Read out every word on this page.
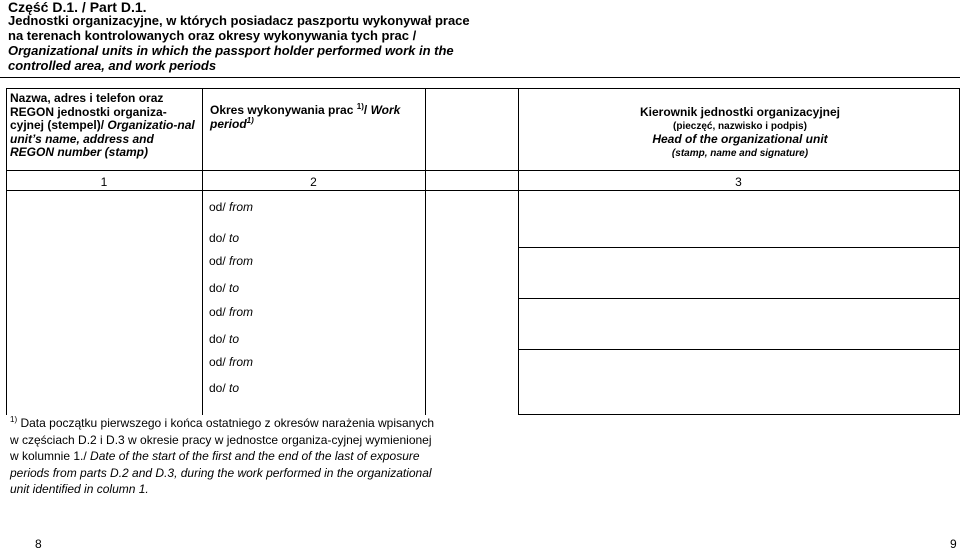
Część D.1. / Part D.1.
Jednostki organizacyjne, w których posiadacz paszportu wykonywał prace na terenach kontrolowanych oraz okresy wykonywania tych prac / Organizational units in which the passport holder performed work in the controlled area, and work periods
Nazwa, adres i telefon oraz REGON jednostki organiza-cyjnej (stempel)/ Organizatio-nal unit’s name, address and REGON number (stamp)
Okres wykonywania prac $^{1)}$/ Work period$^{1)}$
Kierownik jednostki organizacyjnej
(pieczęć, nazwisko i podpis)
Head of the organizational unit
(stamp, name and signature)
1	2	3
od/ from
do/ to
od/ from
do/ to
od/ from
do/ to
od/ from
do/ to
$^{1)}$ Data początku pierwszego i końca ostatniego z okresów narażenia wpisanych w częściach D.2 i D.3 w okresie pracy w jednostce organiza-cyjnej wymienionej w kolumnie 1./ Date of the start of the first and the end of the last of exposure periods from parts D.2 and D.3, during the work performed in the organizational unit identified in column 1.
8	9
